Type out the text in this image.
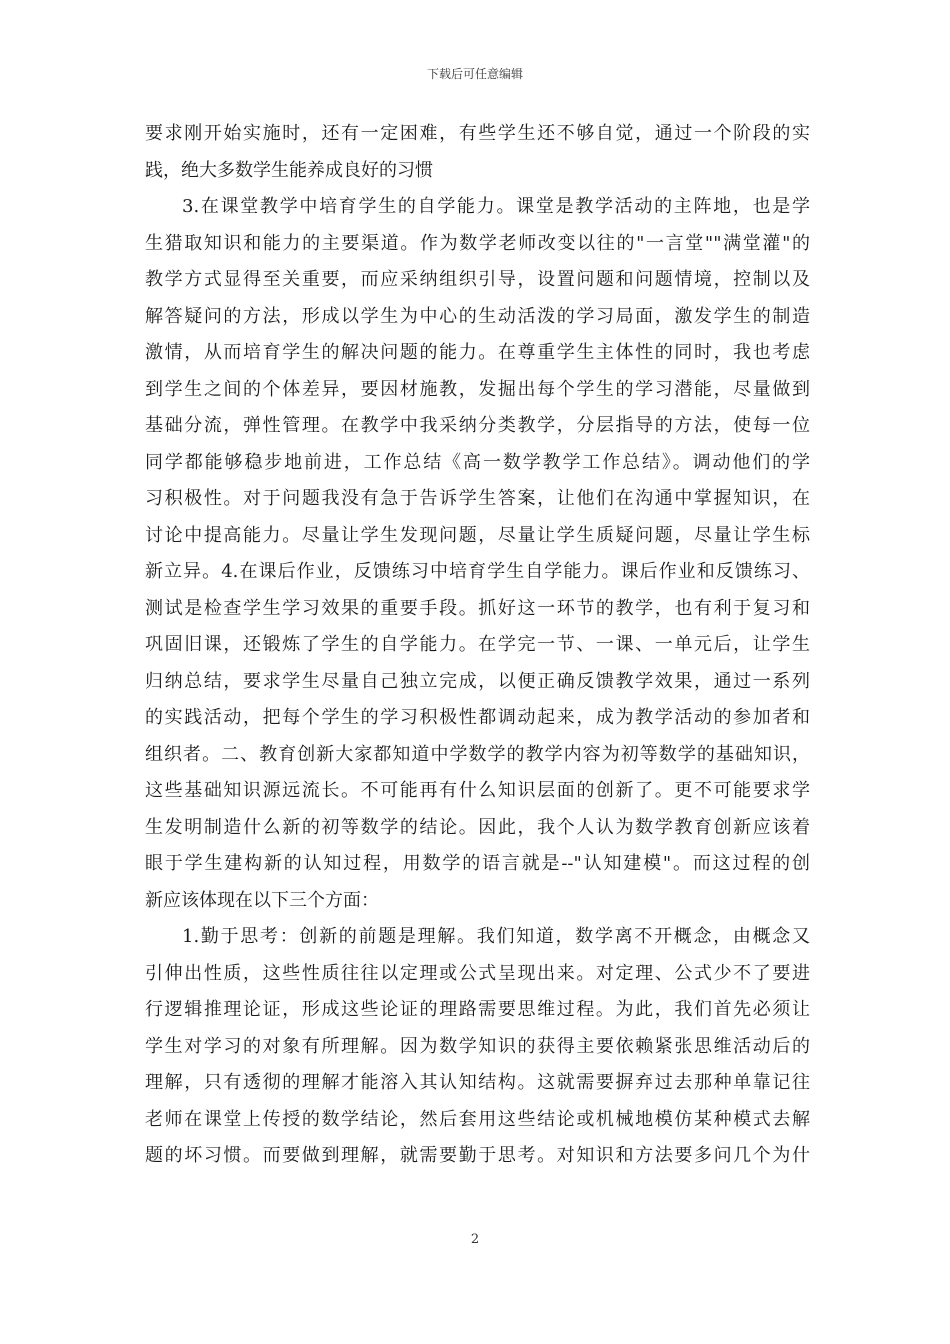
下载后可任意编辑
要求刚开始实施时，还有一定困难，有些学生还不够自觉，通过一个阶段的实
践，绝大多数学生能养成良好的习惯
3.在课堂教学中培育学生的自学能力。课堂是教学活动的主阵地，也是学
生猎取知识和能力的主要渠道。作为数学老师改变以往的"一言堂""满堂灌"的
教学方式显得至关重要，而应采纳组织引导，设置问题和问题情境，控制以及
解答疑问的方法，形成以学生为中心的生动活泼的学习局面，激发学生的制造
激情，从而培育学生的解决问题的能力。在尊重学生主体性的同时，我也考虑
到学生之间的个体差异，要因材施教，发掘出每个学生的学习潜能，尽量做到
基础分流，弹性管理。在教学中我采纳分类教学，分层指导的方法，使每一位
同学都能够稳步地前进，工作总结《高一数学教学工作总结》。调动他们的学
习积极性。对于问题我没有急于告诉学生答案，让他们在沟通中掌握知识，在
讨论中提高能力。尽量让学生发现问题，尽量让学生质疑问题，尽量让学生标
新立异。4.在课后作业，反馈练习中培育学生自学能力。课后作业和反馈练习、
测试是检查学生学习效果的重要手段。抓好这一环节的教学，也有利于复习和
巩固旧课，还锻炼了学生的自学能力。在学完一节、一课、一单元后，让学生
归纳总结，要求学生尽量自己独立完成，以便正确反馈教学效果，通过一系列
的实践活动，把每个学生的学习积极性都调动起来，成为教学活动的参加者和
组织者。二、教育创新大家都知道中学数学的教学内容为初等数学的基础知识，
这些基础知识源远流长。不可能再有什么知识层面的创新了。更不可能要求学
生发明制造什么新的初等数学的结论。因此，我个人认为数学教育创新应该着
眼于学生建构新的认知过程，用数学的语言就是--"认知建模"。而这过程的创
新应该体现在以下三个方面：
1.勤于思考：创新的前题是理解。我们知道，数学离不开概念，由概念又
引伸出性质，这些性质往往以定理或公式呈现出来。对定理、公式少不了要进
行逻辑推理论证，形成这些论证的理路需要思维过程。为此，我们首先必须让
学生对学习的对象有所理解。因为数学知识的获得主要依赖紧张思维活动后的
理解，只有透彻的理解才能溶入其认知结构。这就需要摒弃过去那种单靠记往
老师在课堂上传授的数学结论，然后套用这些结论或机械地模仿某种模式去解
题的坏习惯。而要做到理解，就需要勤于思考。对知识和方法要多问几个为什
2
